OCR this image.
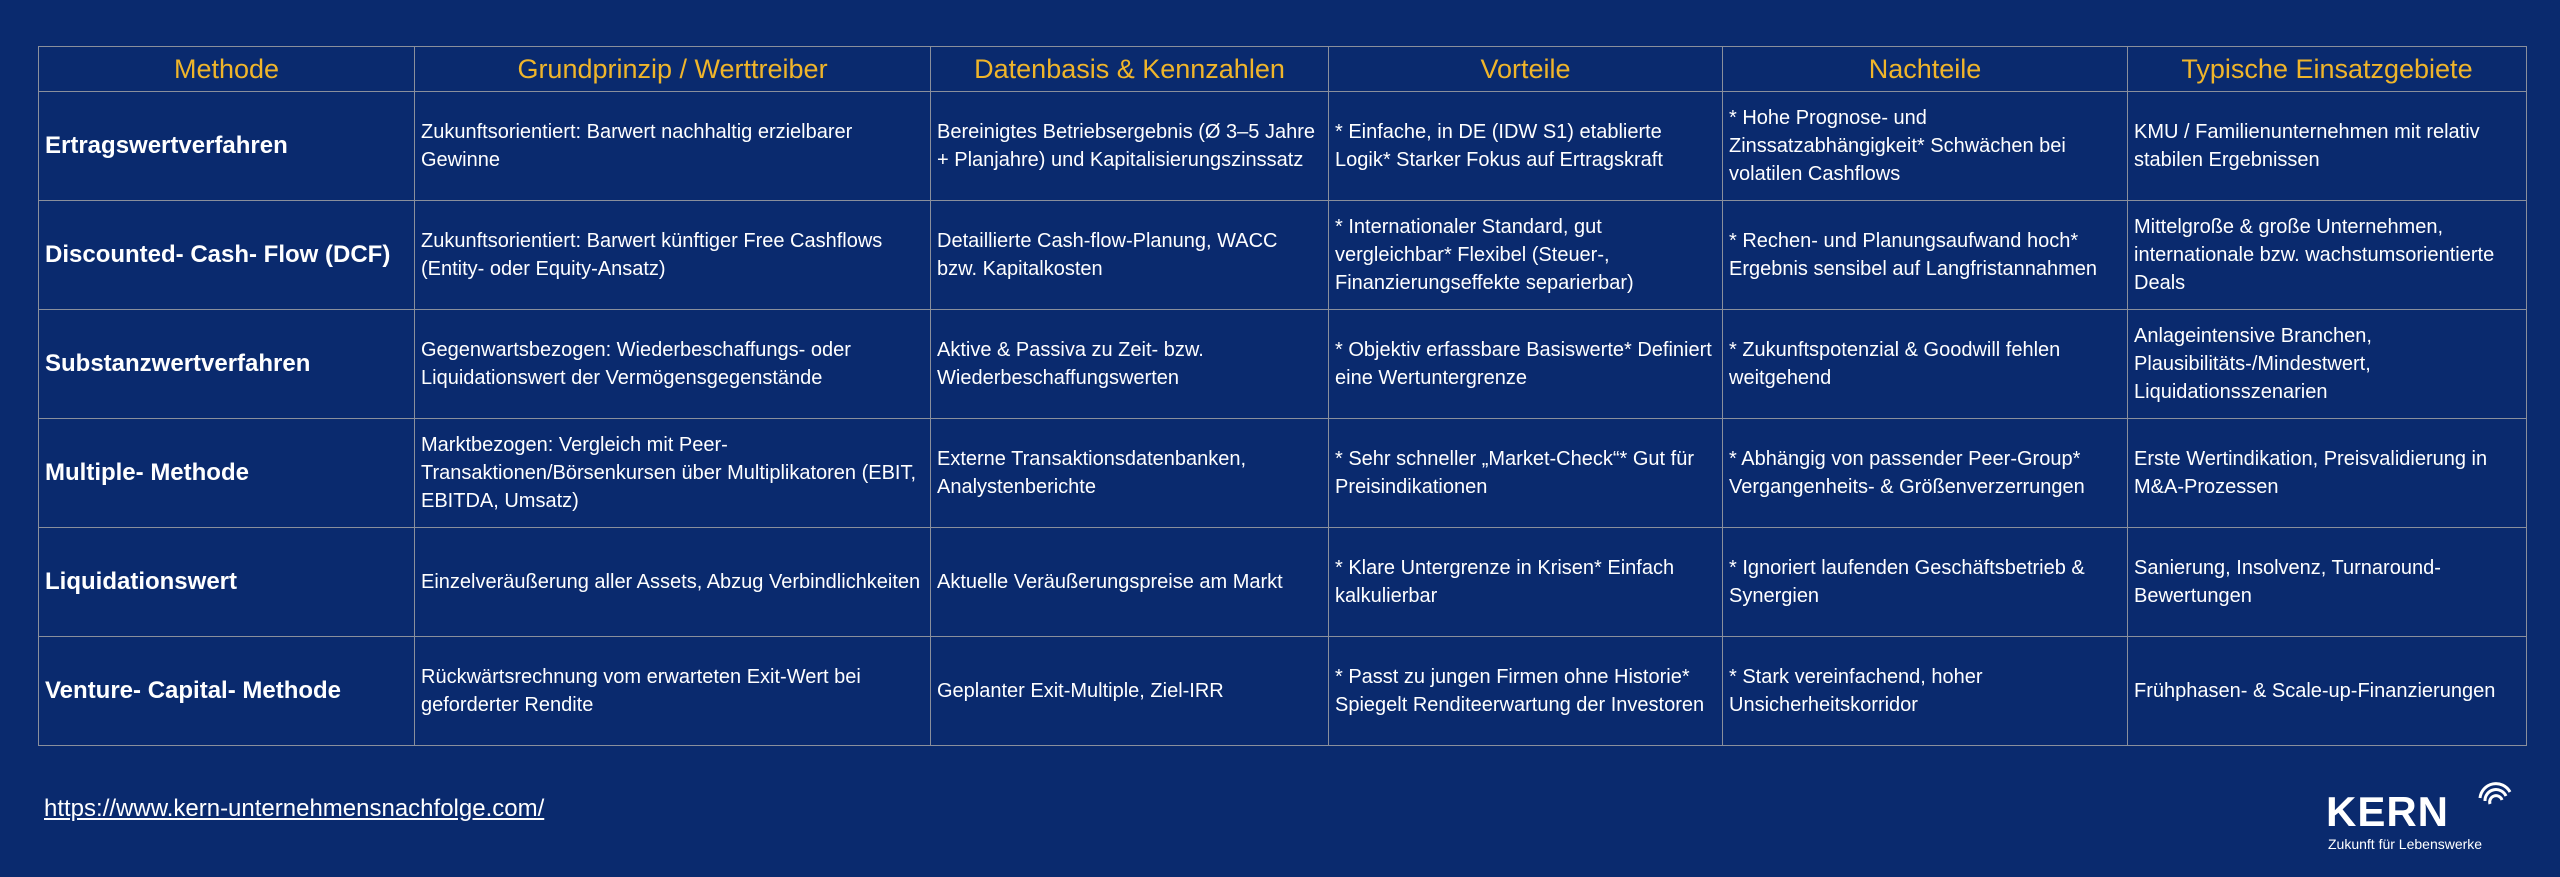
Methode	Grundprinzip / Werttreiber	Datenbasis & Kennzahlen	Vorteile	Nachteile	Typische Einsatzgebiete
Ertragswertverfahren	Zukunftsorientiert: Barwert nachhaltig erzielbarer Gewinne	Bereinigtes Betriebsergebnis (Ø 3–5 Jahre + Planjahre) und Kapitalisierungszinssatz	* Einfache, in DE (IDW S1) etablierte Logik* Starker Fokus auf Ertragskraft	* Hohe Prognose- und Zinssatzabhängigkeit* Schwächen bei volatilen Cashflows	KMU / Familienunternehmen mit relativ stabilen Ergebnissen
Discounted- Cash- Flow (DCF)	Zukunftsorientiert: Barwert künftiger Free Cashflows (Entity- oder Equity-Ansatz)	Detaillierte Cash-flow-Planung, WACC bzw. Kapitalkosten	* Internationaler Standard, gut vergleichbar* Flexibel (Steuer-, Finanzierungseffekte separierbar)	* Rechen- und Planungsaufwand hoch* Ergebnis sensibel auf Langfristannahmen	Mittelgroße & große Unternehmen, internationale bzw. wachstumsorientierte Deals
Substanzwertverfahren	Gegenwartsbezogen: Wiederbeschaffungs- oder Liquidationswert der Vermögensgegenstände	Aktive & Passiva zu Zeit- bzw. Wiederbeschaffungswerten	* Objektiv erfassbare Basiswerte* Definiert eine Wertuntergrenze	* Zukunftspotenzial & Goodwill fehlen weitgehend	Anlageintensive Branchen, Plausibilitäts-/Mindestwert, Liquidationsszenarien
Multiple- Methode	Marktbezogen: Vergleich mit Peer-Transaktionen/Börsenkursen über Multiplikatoren (EBIT, EBITDA, Umsatz)	Externe Transaktionsdatenbanken, Analystenberichte	* Sehr schneller „Market-Check“* Gut für Preisindikationen	* Abhängig von passender Peer-Group* Vergangenheits- & Größenverzerrungen	Erste Wertindikation, Preisvalidierung in M&A-Prozessen
Liquidationswert	Einzelveräußerung aller Assets, Abzug Verbindlichkeiten	Aktuelle Veräußerungspreise am Markt	* Klare Untergrenze in Krisen* Einfach kalkulierbar	* Ignoriert laufenden Geschäftsbetrieb & Synergien	Sanierung, Insolvenz, Turnaround-Bewertungen
Venture- Capital- Methode	Rückwärtsrechnung vom erwarteten Exit-Wert bei geforderter Rendite	Geplanter Exit-Multiple, Ziel-IRR	* Passt zu jungen Firmen ohne Historie* Spiegelt Renditeerwartung der Investoren	* Stark vereinfachend, hoher Unsicherheitskorridor	Frühphasen- & Scale-up-Finanzierungen
https://www.kern-unternehmensnachfolge.com/	KERN
Zukunft für Lebenswerke
